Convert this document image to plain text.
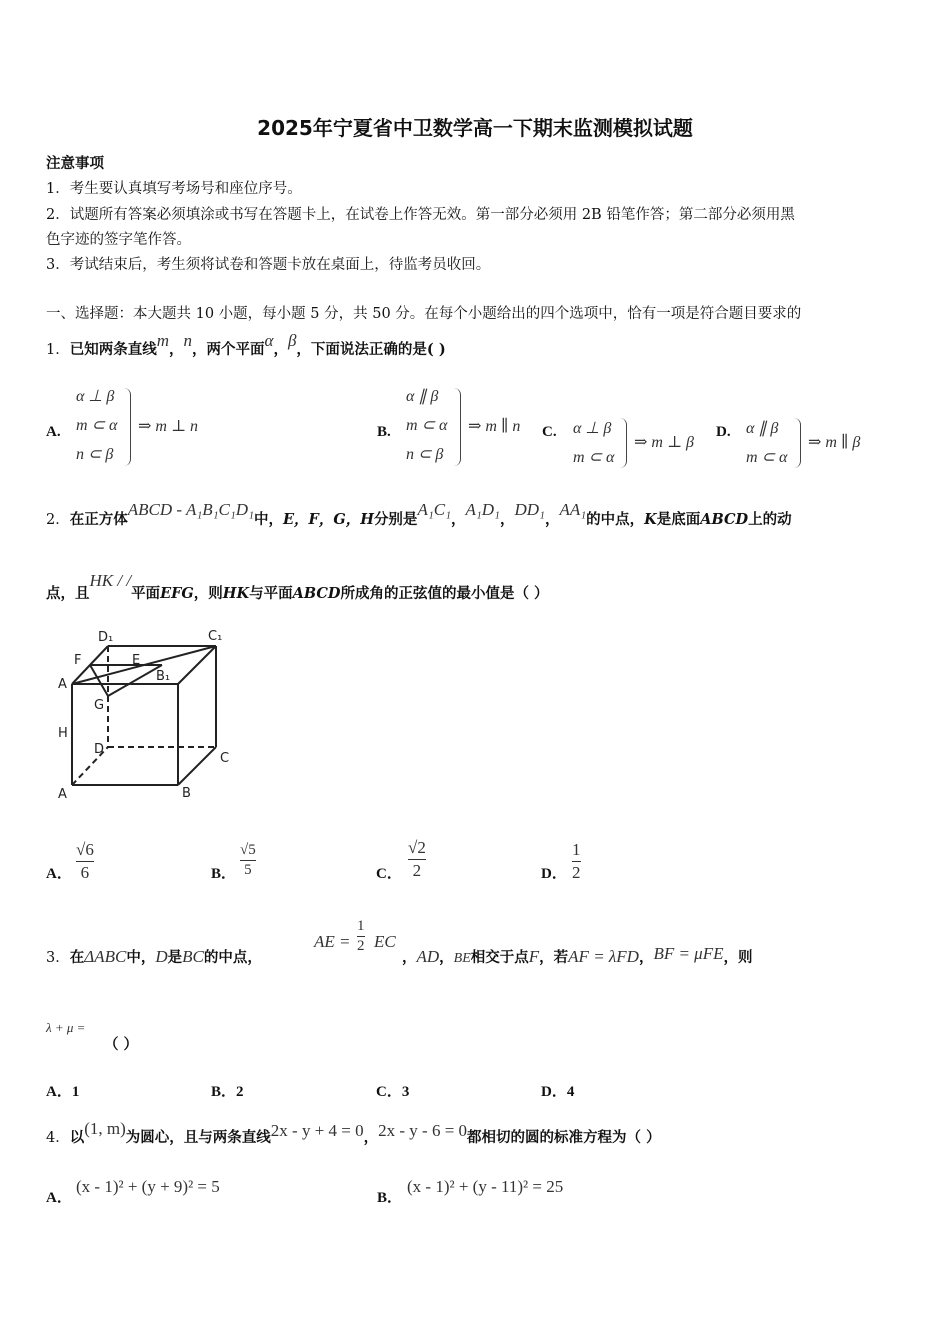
2025年宁夏省中卫数学高一下期末监测模拟试题
注意事项
1．考生要认真填写考场号和座位序号。
2．试题所有答案必须填涂或书写在答题卡上，在试卷上作答无效。第一部分必须用 2B 铅笔作答；第二部分必须用黑
色字迹的签字笔作答。
3．考试结束后，考生须将试卷和答题卡放在桌面上，待监考员收回。
一、选择题：本大题共 10 小题，每小题 5 分，共 50 分。在每个小题给出的四个选项中，恰有一项是符合题目要求的
1．已知两条直线m，n，两个平面α，β，下面说法正确的是( )
A.
α ⊥ β
m ⊂ α
n ⊂ β
⇒ m ⊥ n	B.
α ∥ β
m ⊂ α
n ⊂ β
⇒ m ∥ n C. α ⊥ β
m ⊂ α
⇒ m ⊥ β
D. α ∥ β
m ⊂ α
⇒ m ∥ β
2．在正方体ABCD - A₁B₁C₁D₁中，E，F，G，H分别是A₁C₁，A₁D₁，DD₁，AA₁的中点，K是底面ABCD上的动
点，且HK / /平面EFG，则HK与平面ABCD所成角的正弦值的最小值是（ ）
D₁	C₁
F	E
A
B₁
G
H
D
C
A	B
A．
√6
6	B．
√5
5	C．
√2
2	D．
1
2
3．在ΔABC中，D是BC的中点，
AE =
1
2 EC
，AD，BE相交于点F，若AF = λFD，BF = μFE，则
λ + μ =
（ ）
A．1	B．2	C．3	D．4
4．以(1, m)为圆心，且与两条直线2x - y + 4 = 0，2x - y - 6 = 0都相切的圆的标准方程为（ ）
A．
(x - 1)² + (y + 9)² = 5
B．
(x - 1)² + (y - 11)² = 25
